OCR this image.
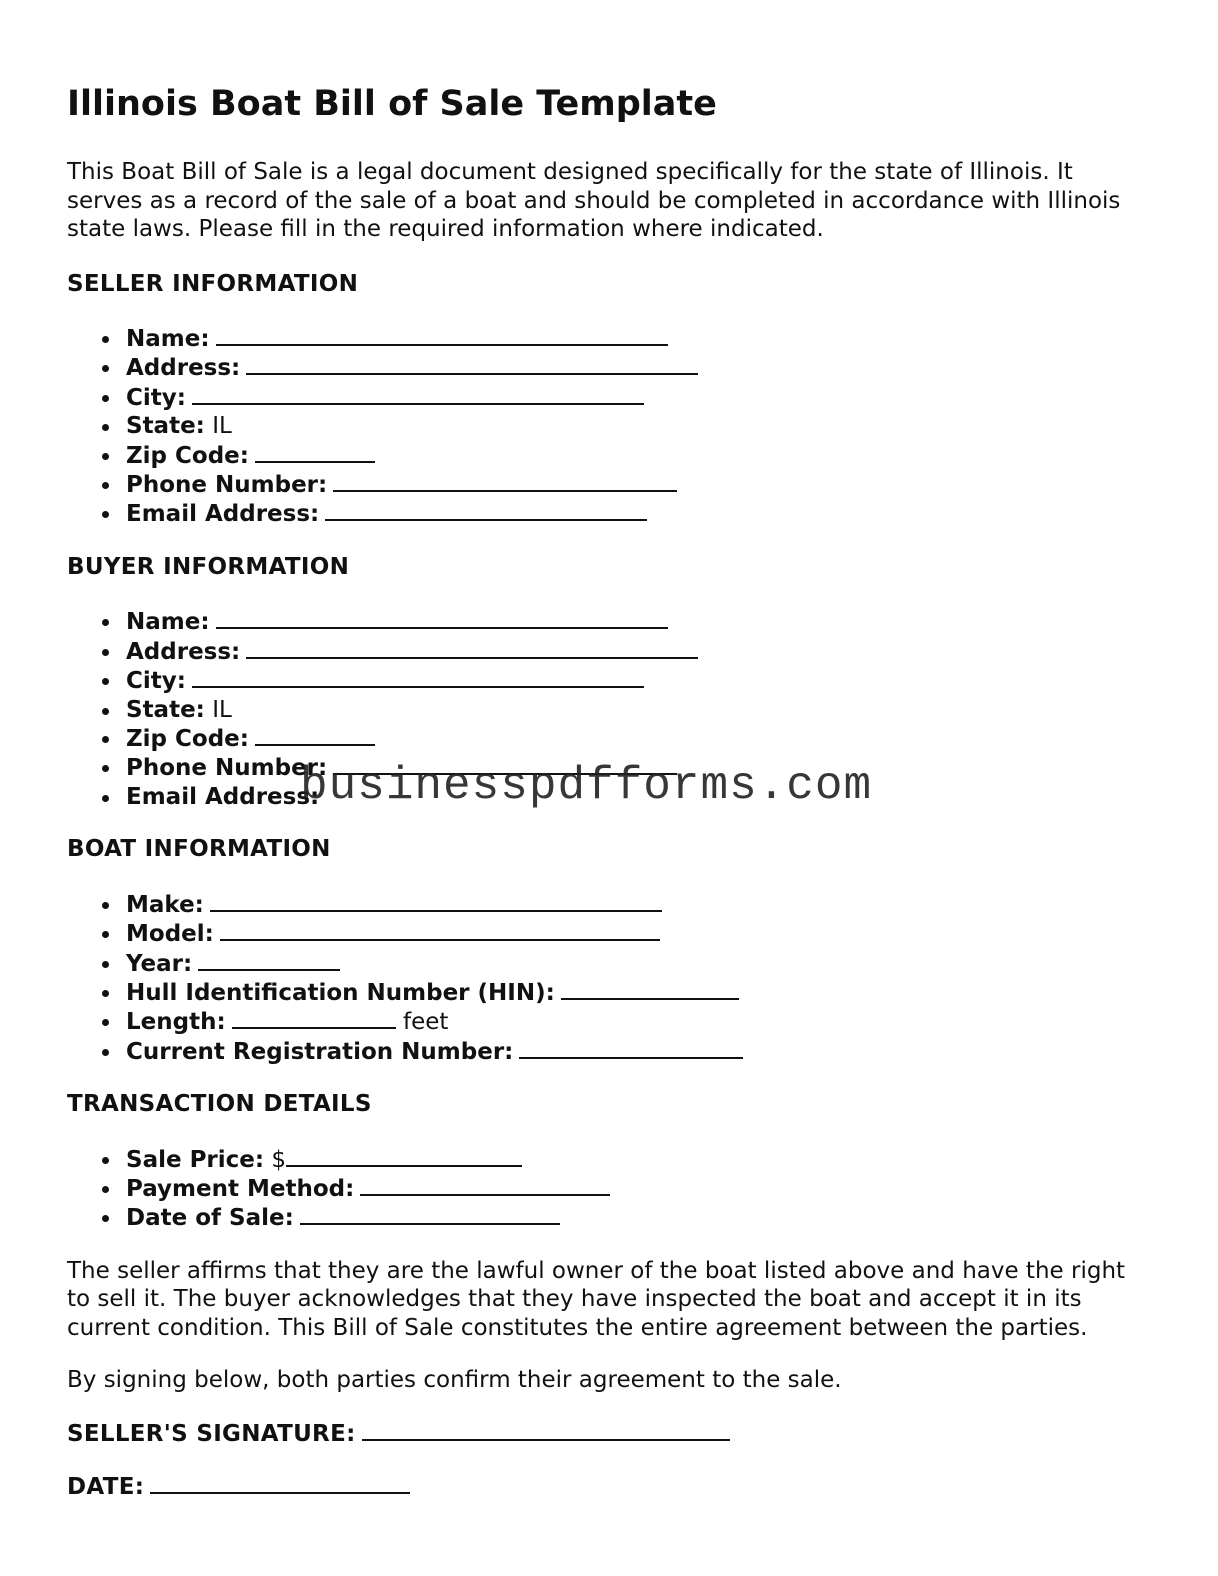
Illinois Boat Bill of Sale Template

This Boat Bill of Sale is a legal document designed specifically for the state of Illinois. It serves as a record of the sale of a boat and should be completed in accordance with Illinois state laws. Please fill in the required information where indicated.

SELLER INFORMATION
Name:
Address:
City:
State: IL
Zip Code:
Phone Number:
Email Address:
BUYER INFORMATION
Name:
Address:
City:
State: IL
Zip Code:
Phone Number:
Email Address:
BOAT INFORMATION
Make:
Model:
Year:
Hull Identification Number (HIN):
Length:	feet
Current Registration Number:
TRANSACTION DETAILS
Sale Price: $
Payment Method:
Date of Sale:

The seller affirms that they are the lawful owner of the boat listed above and have the right to sell it. The buyer acknowledges that they have inspected the boat and accept it in its current condition. This Bill of Sale constitutes the entire agreement between the parties.

By signing below, both parties confirm their agreement to the sale.

SELLER'S SIGNATURE:
DATE:
businesspdfforms.com
